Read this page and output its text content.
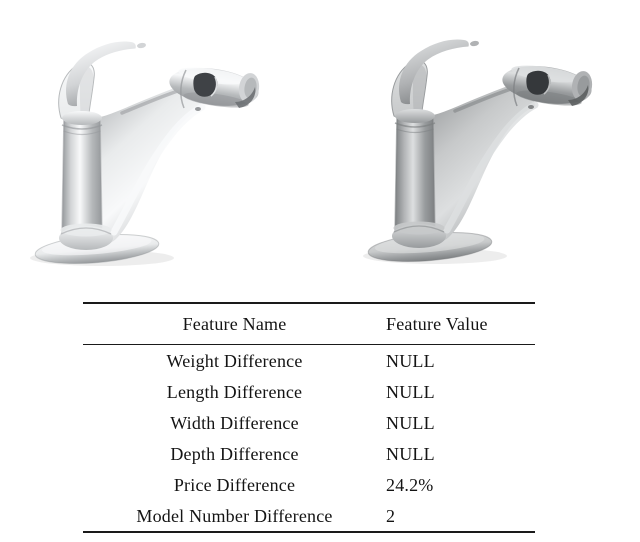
Feature Name	Feature Value
Weight Difference	NULL
Length Difference	NULL
Width Difference	NULL
Depth Difference	NULL
Price Difference	24.2%
Model Number Difference	2
